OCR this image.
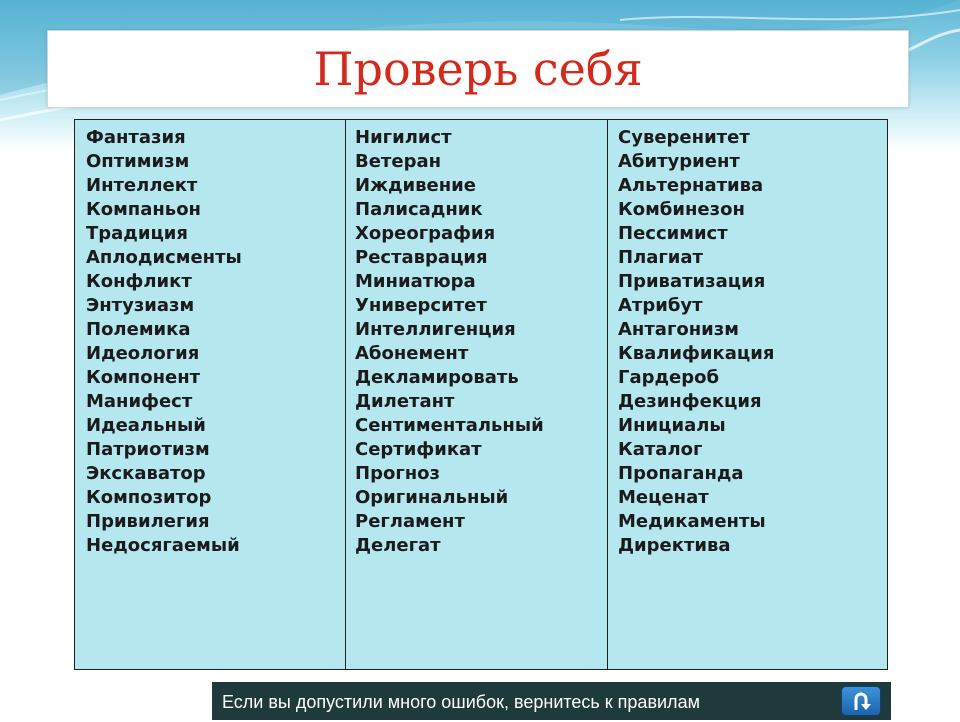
Проверь себя
Фантазия
Оптимизм
Интеллект
Компаньон
Традиция
Аплодисменты
Конфликт
Энтузиазм
Полемика
Идеология
Компонент
Манифест
Идеальный
Патриотизм
Экскаватор
Композитор
Привилегия
Недосягаемый
Нигилист
Ветеран
Иждивение
Палисадник
Хореография
Реставрация
Миниатюра
Университет
Интеллигенция
Абонемент
Декламировать
Дилетант
Сентиментальный
Сертификат
Прогноз
Оригинальный
Регламент
Делегат
Суверенитет
Абитуриент
Альтернатива
Комбинезон
Пессимист
Плагиат
Приватизация
Атрибут
Антагонизм
Квалификация
Гардероб
Дезинфекция
Инициалы
Каталог
Пропаганда
Меценат
Медикаменты
Директива
Если вы допустили много ошибок, вернитесь к правилам
